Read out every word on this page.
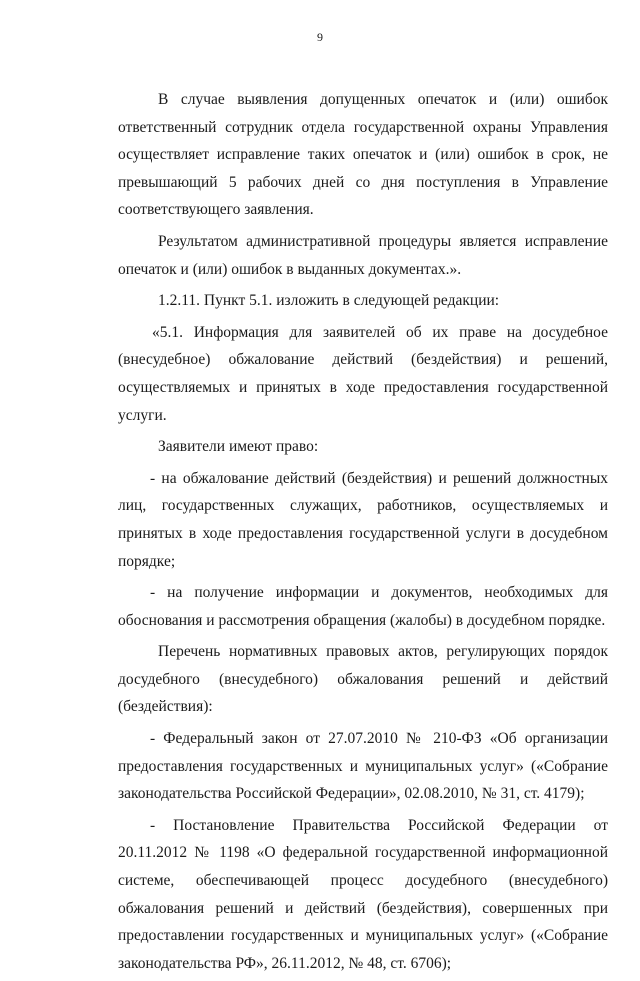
9

В случае выявления допущенных опечаток и (или) ошибок ответственный сотрудник отдела государственной охраны Управления осуществляет исправление таких опечаток и (или) ошибок в срок, не превышающий 5 рабочих дней со дня поступления в Управление соответствующего заявления.

Результатом административной процедуры является исправление опечаток и (или) ошибок в выданных документах.».

1.2.11. Пункт 5.1. изложить в следующей редакции:

«5.1. Информация для заявителей об их праве на досудебное (внесудебное) обжалование действий (бездействия) и решений, осуществляемых и принятых в ходе предоставления государственной услуги.

Заявители имеют право:

- на обжалование действий (бездействия) и решений должностных лиц, государственных служащих, работников, осуществляемых и принятых в ходе предоставления государственной услуги в досудебном порядке;

- на получение информации и документов, необходимых для обоснования и рассмотрения обращения (жалобы) в досудебном порядке.

Перечень нормативных правовых актов, регулирующих порядок досудебного (внесудебного) обжалования решений и действий (бездействия):

- Федеральный закон от 27.07.2010 № 210-ФЗ «Об организации предоставления государственных и муниципальных услуг» («Собрание законодательства Российской Федерации», 02.08.2010, № 31, ст. 4179);

- Постановление Правительства Российской Федерации от 20.11.2012 № 1198 «О федеральной государственной информационной системе, обеспечивающей процесс досудебного (внесудебного) обжалования решений и действий (бездействия), совершенных при предоставлении государственных и муниципальных услуг» («Собрание законодательства РФ», 26.11.2012, № 48, ст. 6706);
